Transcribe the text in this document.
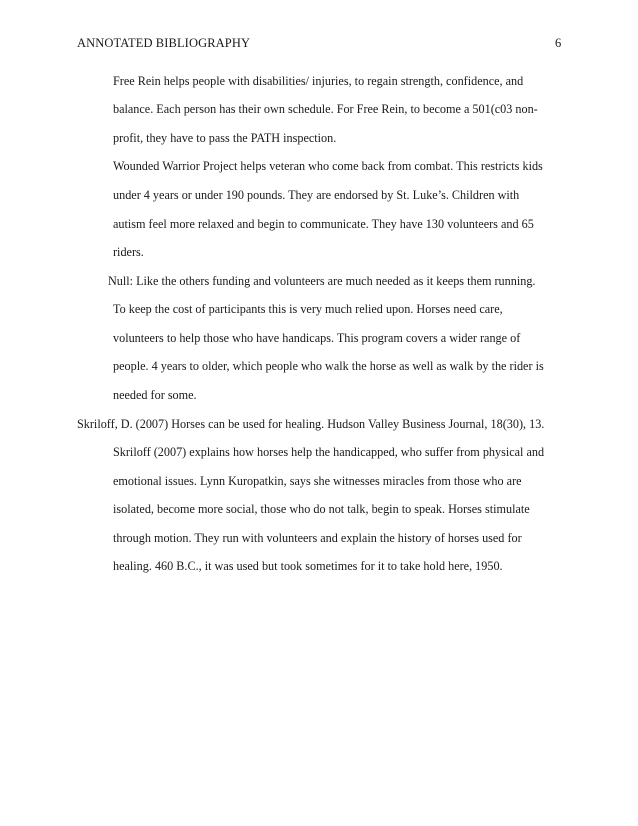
ANNOTATED BIBLIOGRAPHY	6
Free Rein helps people with disabilities/ injuries, to regain strength, confidence, and
balance. Each person has their own schedule. For Free Rein, to become a 501(c03 non-
profit, they have to pass the PATH inspection.
Wounded Warrior Project helps veteran who come back from combat. This restricts kids
under 4 years or under 190 pounds. They are endorsed by St. Luke’s. Children with
autism feel more relaxed and begin to communicate. They have 130 volunteers and 65
riders.
Null: Like the others funding and volunteers are much needed as it keeps them running.
To keep the cost of participants this is very much relied upon. Horses need care,
volunteers to help those who have handicaps. This program covers a wider range of
people. 4 years to older, which people who walk the horse as well as walk by the rider is
needed for some.
Skriloff, D. (2007) Horses can be used for healing. Hudson Valley Business Journal, 18(30), 13.
Skriloff (2007) explains how horses help the handicapped, who suffer from physical and
emotional issues. Lynn Kuropatkin, says she witnesses miracles from those who are
isolated, become more social, those who do not talk, begin to speak. Horses stimulate
through motion. They run with volunteers and explain the history of horses used for
healing. 460 B.C., it was used but took sometimes for it to take hold here, 1950.
